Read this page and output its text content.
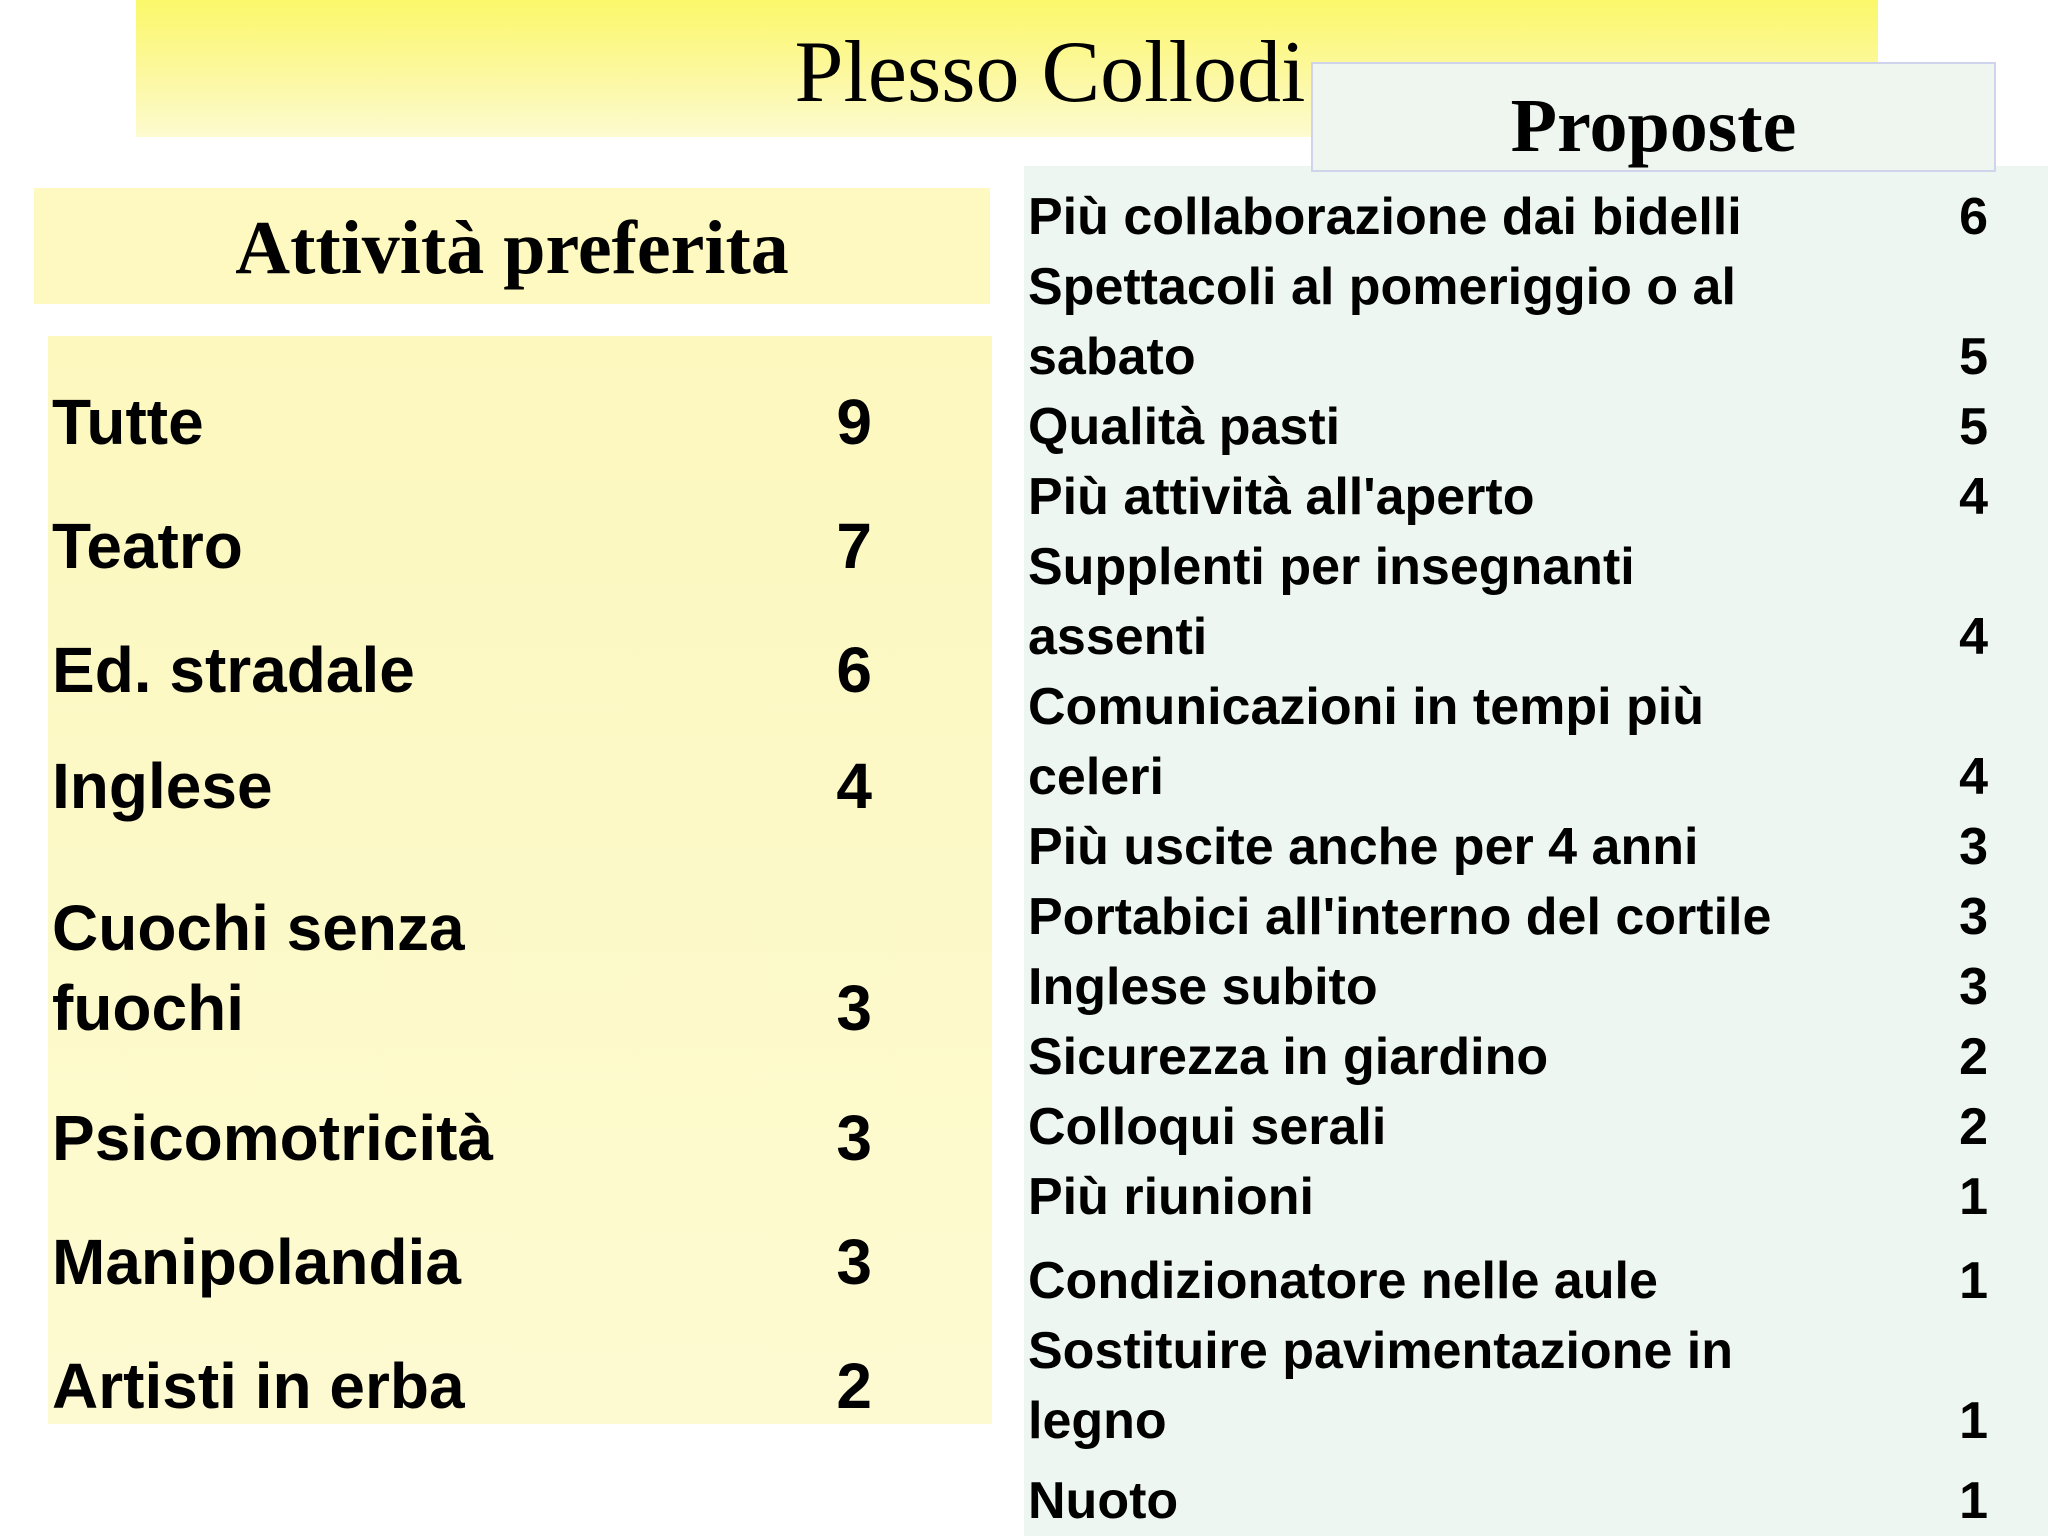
Plesso Collodi
Proposte
Attività preferita
Tutte	9
Teatro	7
Ed. stradale	6
Inglese	4
Cuochi senza fuochi	3
Psicomotricità	3
Manipolandia	3
Artisti in erba	2
Più collaborazione dai bidelli	6
Spettacoli al pomeriggio o al sabato	5
Qualità pasti	5
Più attività all'aperto	4
Supplenti per insegnanti assenti	4
Comunicazioni in tempi più celeri	4
Più uscite anche per 4 anni	3
Portabici all'interno del cortile	3
Inglese subito	3
Sicurezza in giardino	2
Colloqui serali	2
Più riunioni	1
Condizionatore nelle aule	1
Sostituire pavimentazione in legno	1
Nuoto	1
